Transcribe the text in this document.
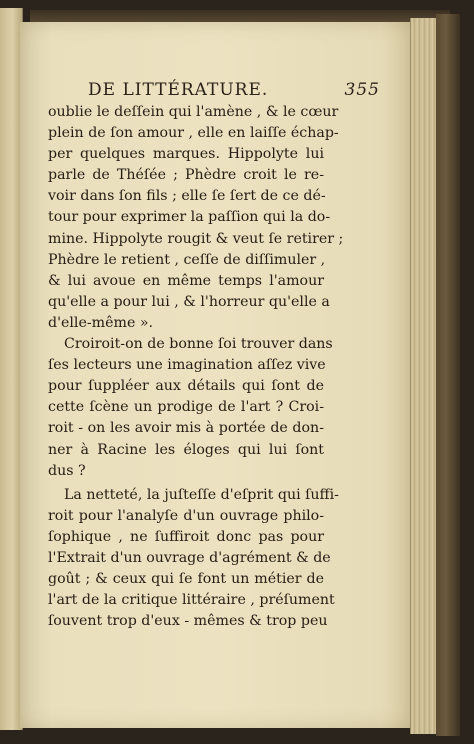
DE LITTÉRATURE.	355
oublie le deſſein qui l'amène , & le cœur
plein de ſon amour , elle en laiſſe échap-
per quelques marques. Hippolyte lui
parle de Théſée ; Phèdre croit le re-
voir dans ſon fils ; elle ſe ſert de ce dé-
tour pour exprimer la paſſion qui la do-
mine. Hippolyte rougit & veut ſe retirer ;
Phèdre le retient , ceſſe de diſſimuler ,
& lui avoue en même temps l'amour
qu'elle a pour lui , & l'horreur qu'elle a
d'elle-même ».
Croiroit-on de bonne ſoi trouver dans
ſes lecteurs une imagination aſſez vive
pour ſuppléer aux détails qui ſont de
cette ſcène un prodige de l'art ? Croi-
roit - on les avoir mis à portée de don-
ner à Racine les éloges qui lui ſont
dus ?
La netteté, la juſteſſe d'eſprit qui ſuffi-
roit pour l'analyſe d'un ouvrage philo-
ſophique , ne ſuffiroit donc pas pour
l'Extrait d'un ouvrage d'agrément & de
goût ; & ceux qui ſe font un métier de
l'art de la critique littéraire , préſument
ſouvent trop d'eux - mêmes & trop peu
